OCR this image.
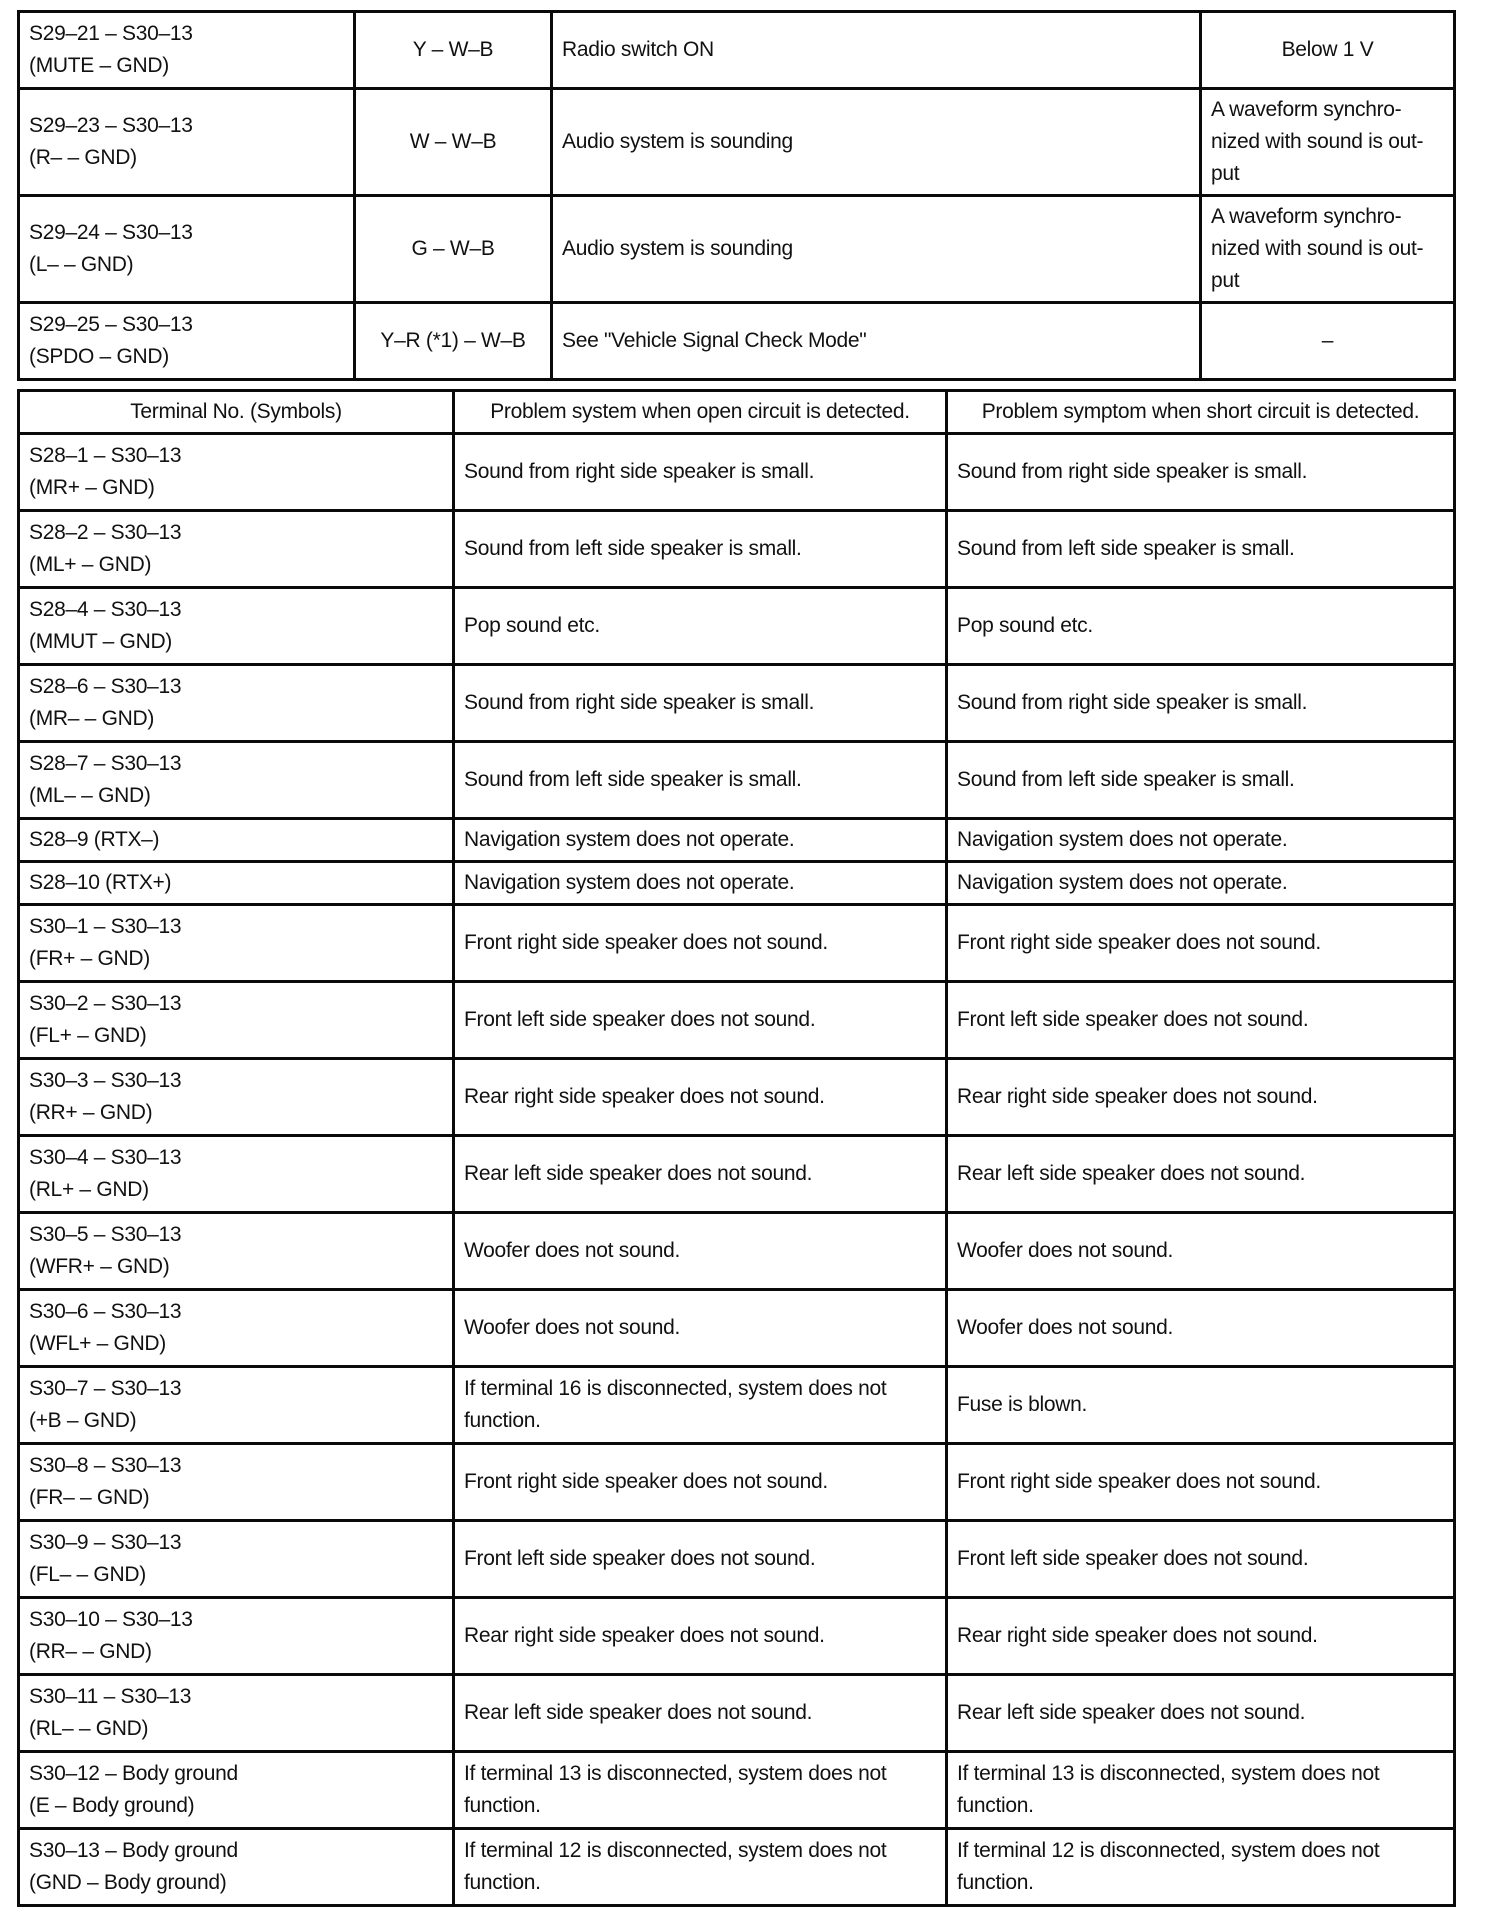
S29–21 – S30–13
(MUTE – GND)	Y – W–B	Radio switch ON	Below 1 V

S29–23 – S30–13
(R– – GND)	W – W–B	Audio system is sounding	A waveform synchro-nized with sound is out-put

S29–24 – S30–13
(L– – GND)	G – W–B	Audio system is sounding	A waveform synchro-nized with sound is out-put

S29–25 – S30–13
(SPDO – GND)	Y–R (*1) – W–B	See "Vehicle Signal Check Mode"	–
Terminal No. (Symbols)	Problem system when open circuit is detected.	Problem symptom when short circuit is detected.

S28–1 – S30–13
(MR+ – GND)	Sound from right side speaker is small.	Sound from right side speaker is small.

S28–2 – S30–13
(ML+ – GND)	Sound from left side speaker is small.	Sound from left side speaker is small.

S28–4 – S30–13
(MMUT – GND)	Pop sound etc.	Pop sound etc.

S28–6 – S30–13
(MR– – GND)	Sound from right side speaker is small.	Sound from right side speaker is small.

S28–7 – S30–13
(ML– – GND)	Sound from left side speaker is small.	Sound from left side speaker is small.

S28–9 (RTX–)	Navigation system does not operate.	Navigation system does not operate.

S28–10 (RTX+)	Navigation system does not operate.	Navigation system does not operate.

S30–1 – S30–13
(FR+ – GND)	Front right side speaker does not sound.	Front right side speaker does not sound.

S30–2 – S30–13
(FL+ – GND)	Front left side speaker does not sound.	Front left side speaker does not sound.

S30–3 – S30–13
(RR+ – GND)	Rear right side speaker does not sound.	Rear right side speaker does not sound.

S30–4 – S30–13
(RL+ – GND)	Rear left side speaker does not sound.	Rear left side speaker does not sound.

S30–5 – S30–13
(WFR+ – GND)	Woofer does not sound.	Woofer does not sound.

S30–6 – S30–13
(WFL+ – GND)	Woofer does not sound.	Woofer does not sound.

S30–7 – S30–13
(+B – GND)	If terminal 16 is disconnected, system does not function.	Fuse is blown.

S30–8 – S30–13
(FR– – GND)	Front right side speaker does not sound.	Front right side speaker does not sound.

S30–9 – S30–13
(FL– – GND)	Front left side speaker does not sound.	Front left side speaker does not sound.

S30–10 – S30–13
(RR– – GND)	Rear right side speaker does not sound.	Rear right side speaker does not sound.

S30–11 – S30–13
(RL– – GND)	Rear left side speaker does not sound.	Rear left side speaker does not sound.

S30–12 – Body ground
(E – Body ground)	If terminal 13 is disconnected, system does not function.	If terminal 13 is disconnected, system does not function.

S30–13 – Body ground
(GND – Body ground)	If terminal 12 is disconnected, system does not function.	If terminal 12 is disconnected, system does not function.
